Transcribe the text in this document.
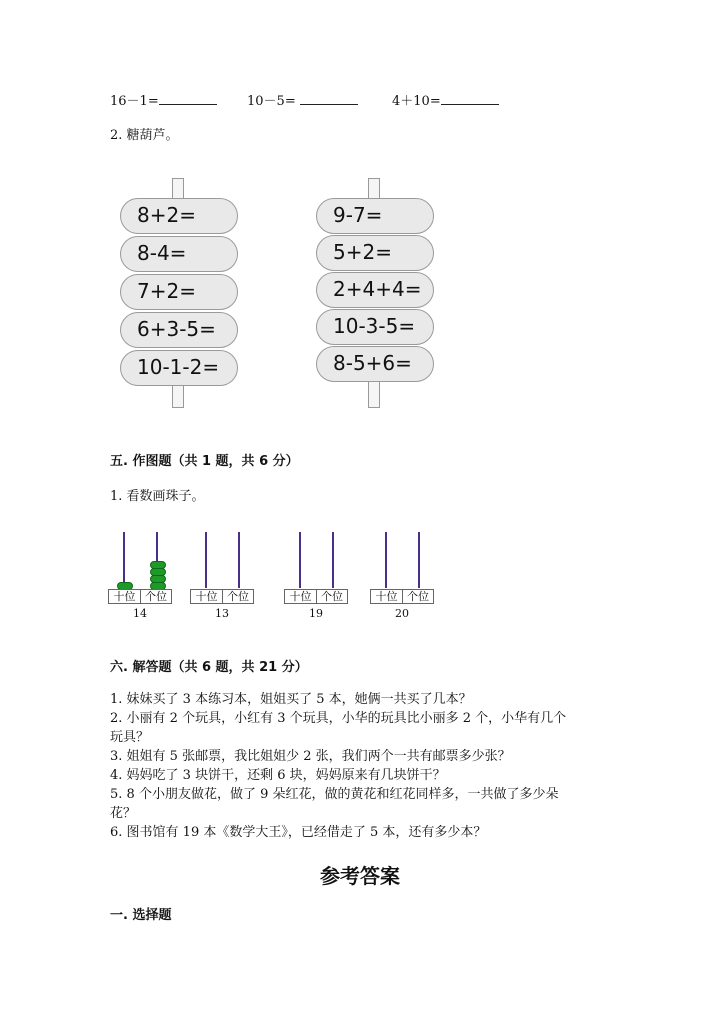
16－1=	10－5=	4＋10=
2. 糖葫芦。
8+2=
8-4=
7+2=
6+3-5=
10-1-2=
9-7=
5+2=
2+4+4=
10-3-5=
8-5+6=
五. 作图题（共 1 题，共 6 分）
1. 看数画珠子。
十位 个位
14
十位 个位
13
十位 个位
19
十位 个位
20
六. 解答题（共 6 题，共 21 分）
1. 妹妹买了 3 本练习本，姐姐买了 5 本，她俩一共买了几本？
2. 小丽有 2 个玩具，小红有 3 个玩具，小华的玩具比小丽多 2 个，小华有几个
玩具？
3. 姐姐有 5 张邮票，我比姐姐少 2 张，我们两个一共有邮票多少张？
4. 妈妈吃了 3 块饼干，还剩 6 块，妈妈原来有几块饼干？
5. 8 个小朋友做花，做了 9 朵红花，做的黄花和红花同样多，一共做了多少朵
花？
6. 图书馆有 19 本《数学大王》，已经借走了 5 本，还有多少本？
参考答案
一. 选择题
